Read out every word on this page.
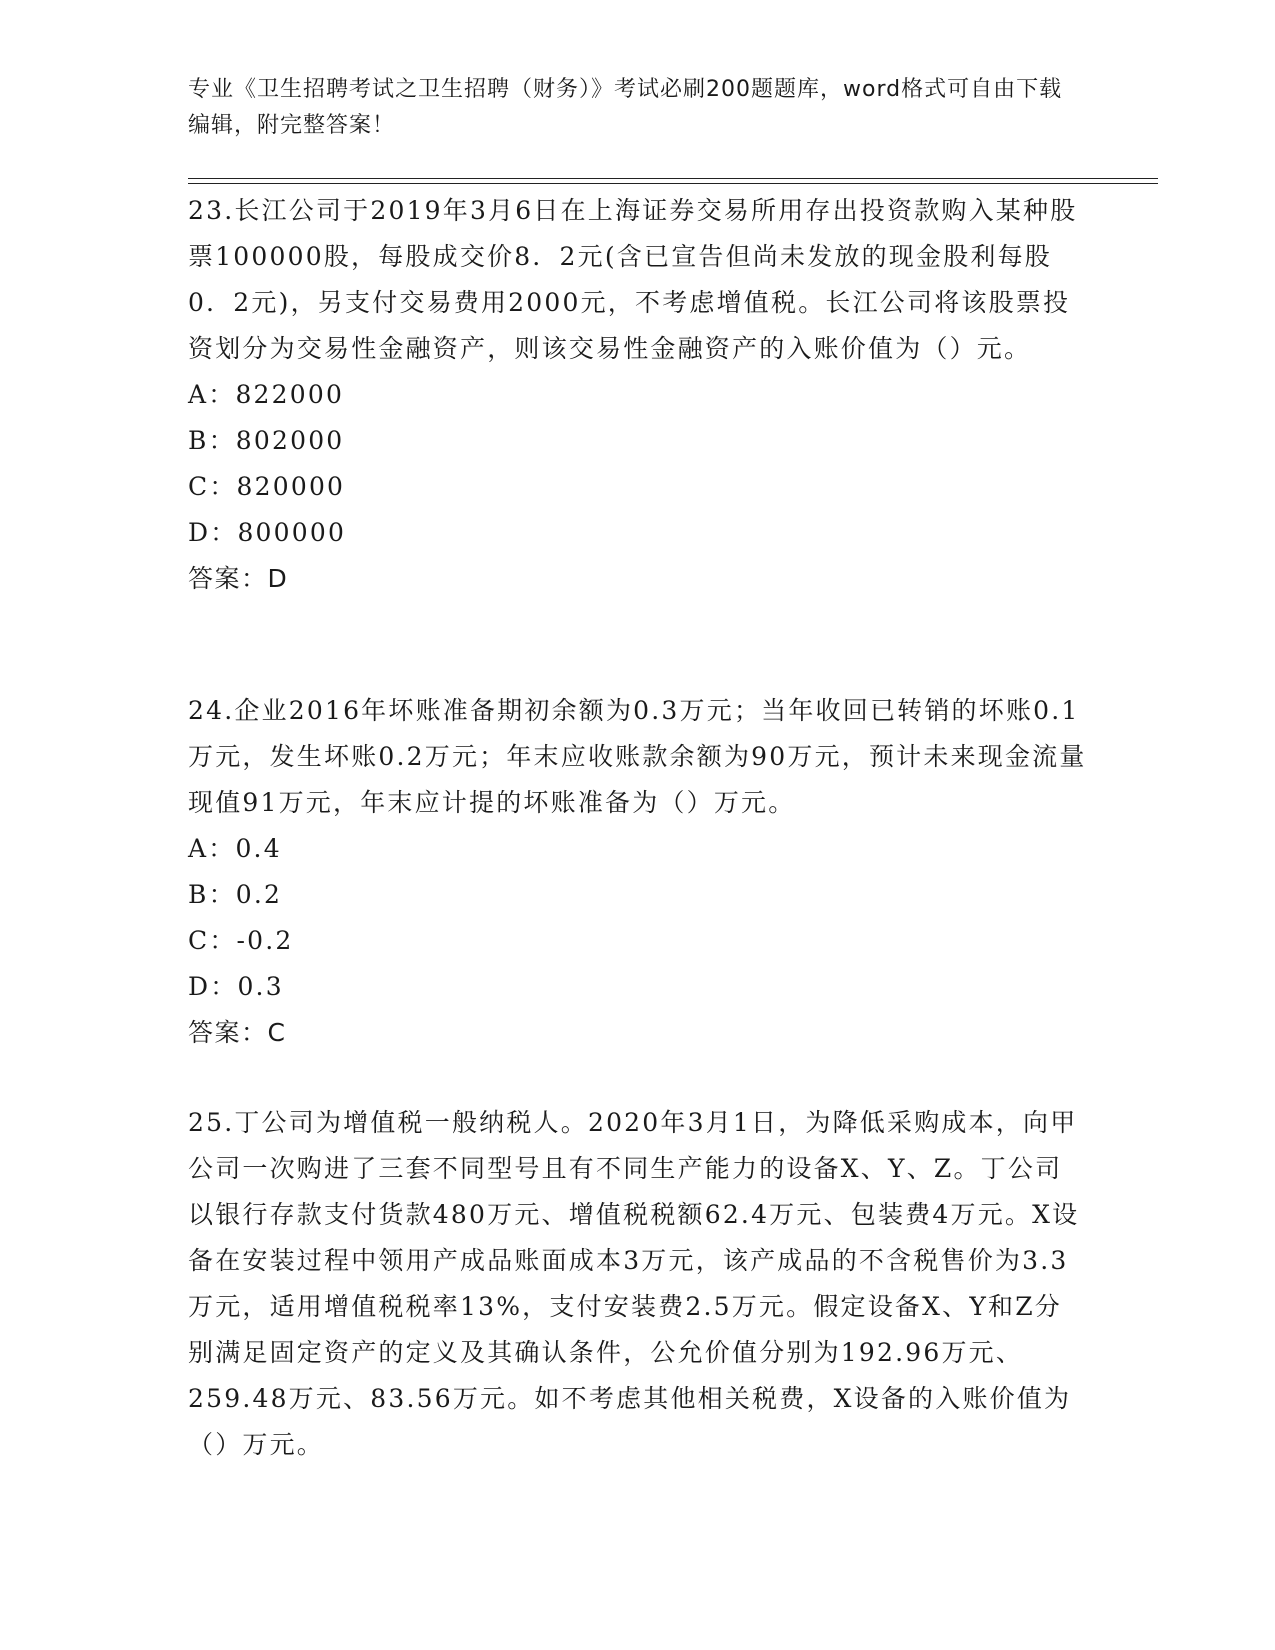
专业《卫生招聘考试之卫生招聘（财务）》考试必刷200题题库，word格式可自由下载编辑，附完整答案！

23.长江公司于2019年3月6日在上海证券交易所用存出投资款购入某种股票100000股，每股成交价8．2元(含已宣告但尚未发放的现金股利每股0．2元)，另支付交易费用2000元，不考虑增值税。长江公司将该股票投资划分为交易性金融资产，则该交易性金融资产的入账价值为（）元。

A：822000

B：802000

C：820000

D：800000

答案：D

24.企业2016年坏账准备期初余额为0.3万元；当年收回已转销的坏账0.1万元，发生坏账0.2万元；年末应收账款余额为90万元，预计未来现金流量现值91万元，年末应计提的坏账准备为（）万元。

A：0.4

B：0.2

C：-0.2

D：0.3

答案：C

25.丁公司为增值税一般纳税人。2020年3月1日，为降低采购成本，向甲公司一次购进了三套不同型号且有不同生产能力的设备X、Y、Z。丁公司以银行存款支付货款480万元、增值税税额62.4万元、包装费4万元。X设备在安装过程中领用产成品账面成本3万元，该产成品的不含税售价为3.3万元，适用增值税税率13%，支付安装费2.5万元。假定设备X、Y和Z分别满足固定资产的定义及其确认条件，公允价值分别为192.96万元、259.48万元、83.56万元。如不考虑其他相关税费，X设备的入账价值为（）万元。
